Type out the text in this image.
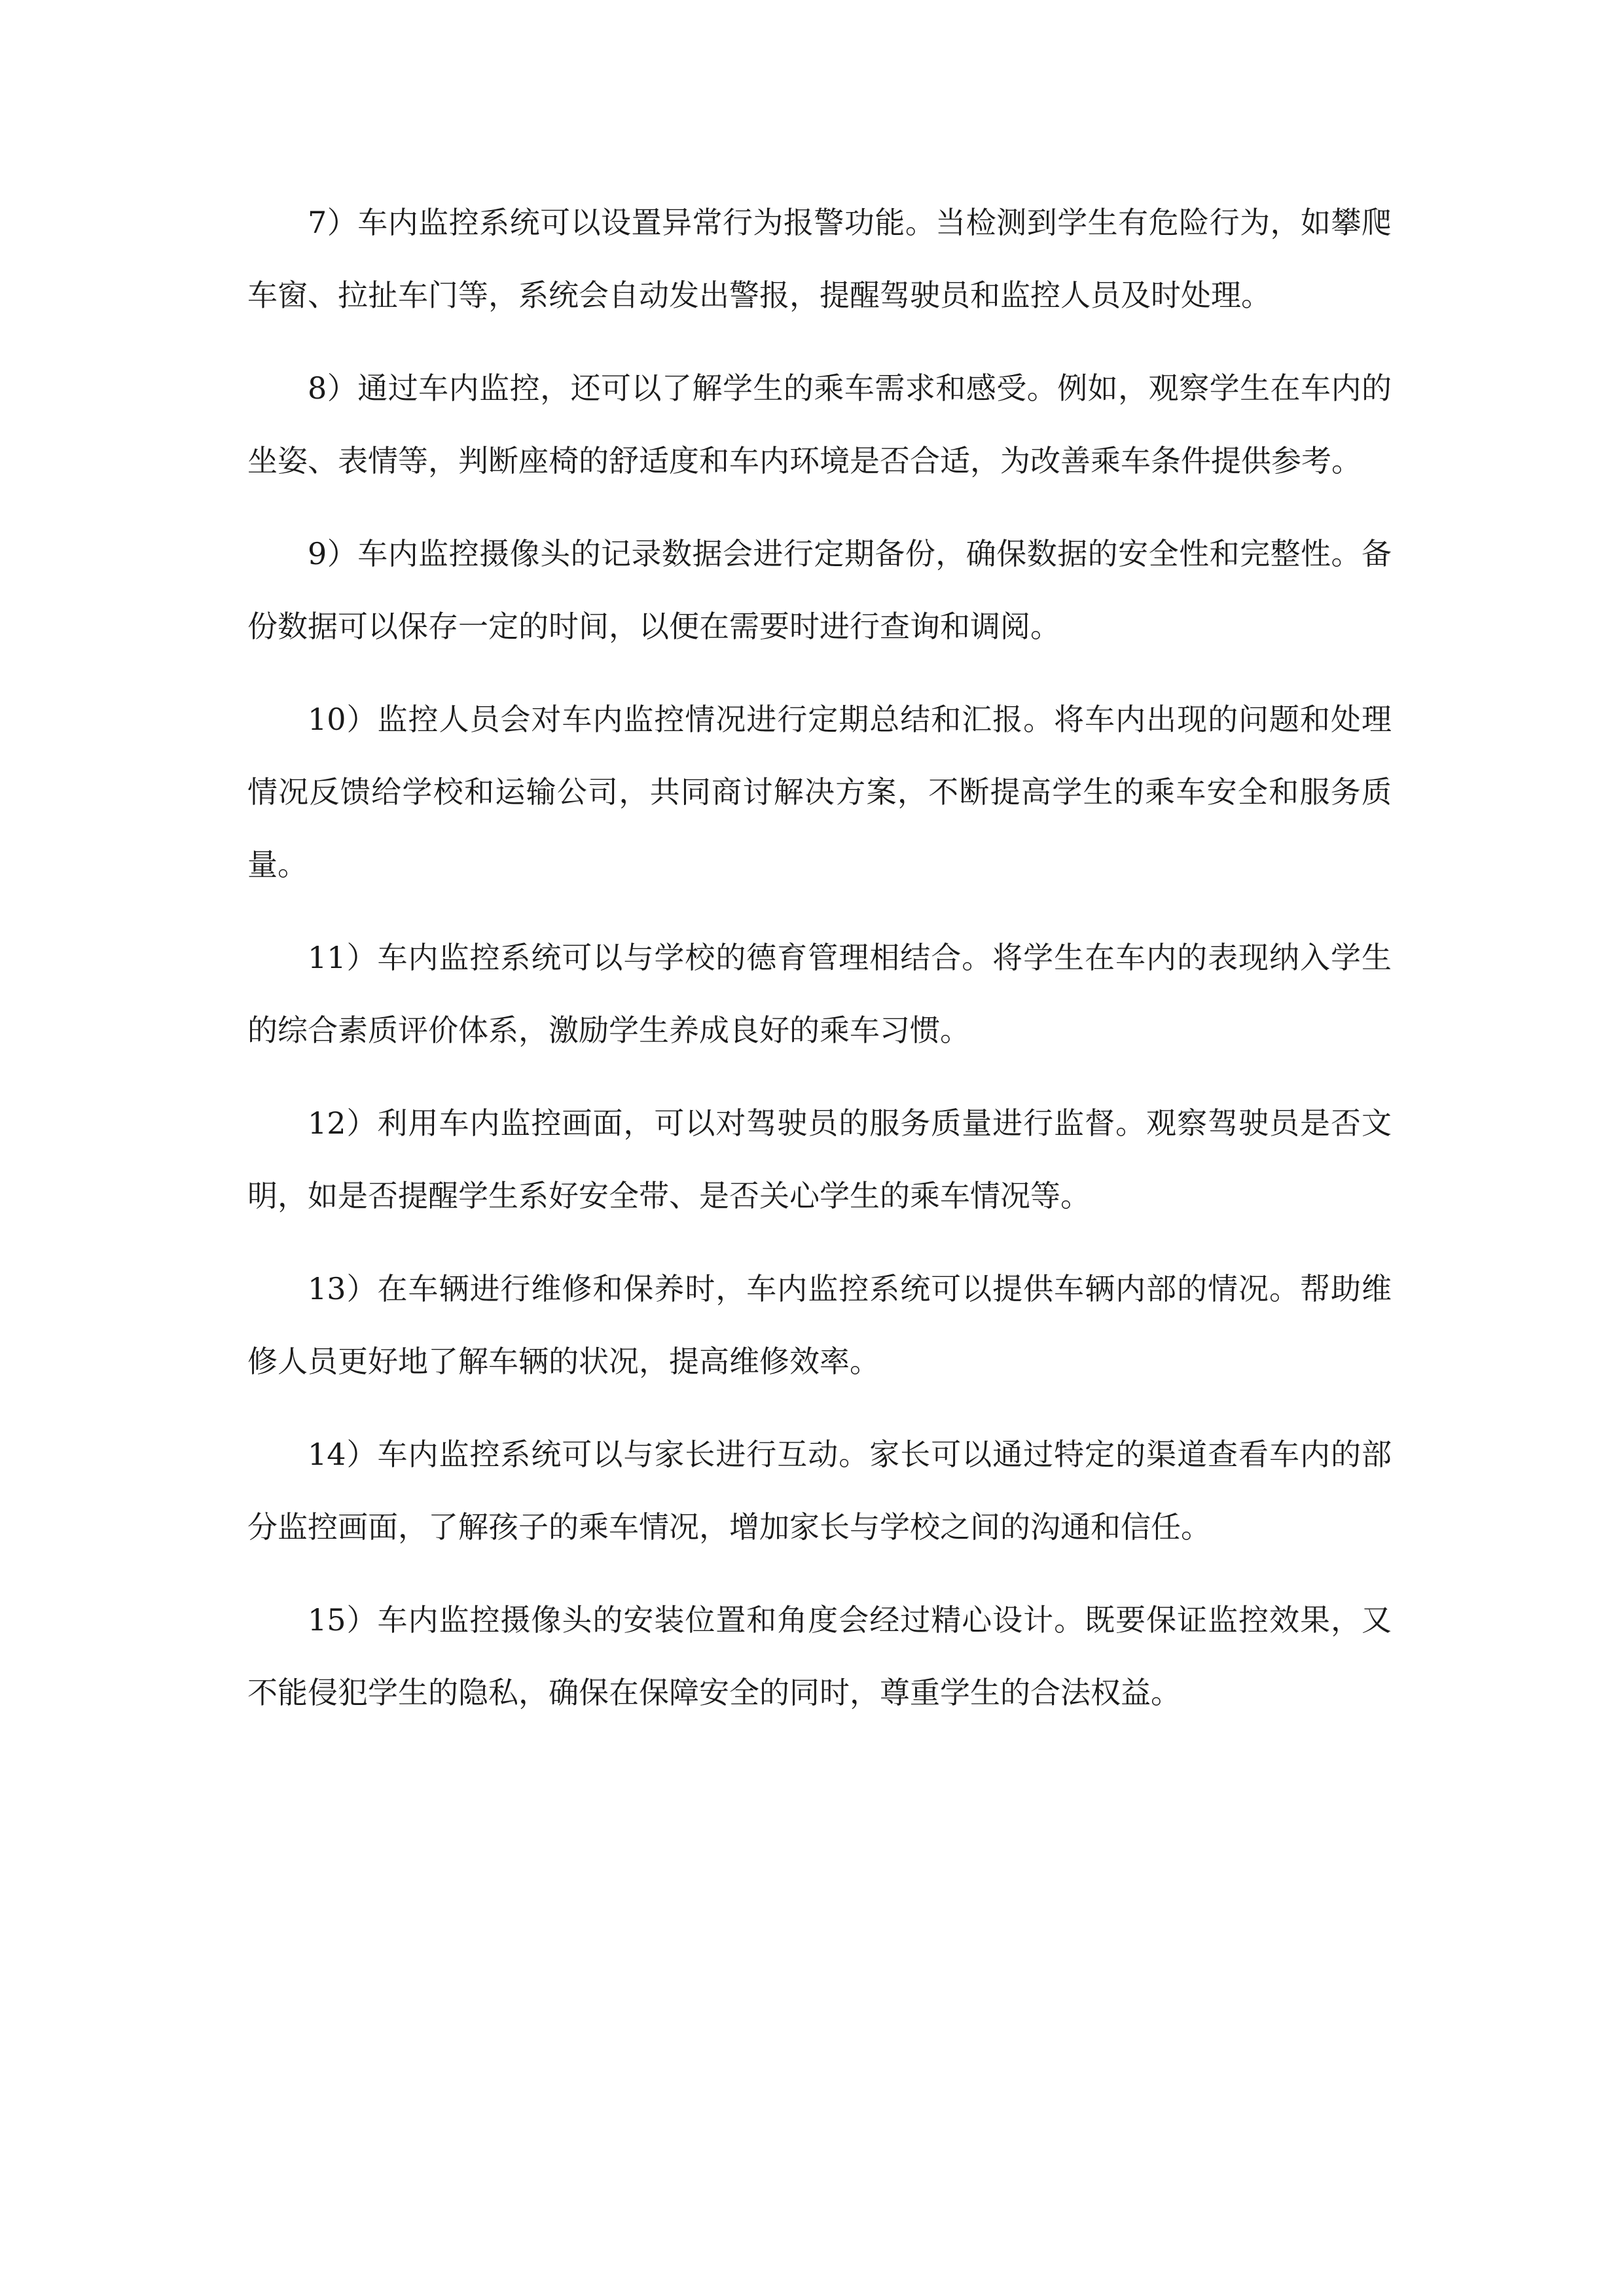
7）车内监控系统可以设置异常行为报警功能。当检测到学生有危险行为，如攀爬车窗、拉扯车门等，系统会自动发出警报，提醒驾驶员和监控人员及时处理。

8）通过车内监控，还可以了解学生的乘车需求和感受。例如，观察学生在车内的坐姿、表情等，判断座椅的舒适度和车内环境是否合适，为改善乘车条件提供参考。

9）车内监控摄像头的记录数据会进行定期备份，确保数据的安全性和完整性。备份数据可以保存一定的时间，以便在需要时进行查询和调阅。

10）监控人员会对车内监控情况进行定期总结和汇报。将车内出现的问题和处理情况反馈给学校和运输公司，共同商讨解决方案，不断提高学生的乘车安全和服务质量。

11）车内监控系统可以与学校的德育管理相结合。将学生在车内的表现纳入学生的综合素质评价体系，激励学生养成良好的乘车习惯。

12）利用车内监控画面，可以对驾驶员的服务质量进行监督。观察驾驶员是否文明，如是否提醒学生系好安全带、是否关心学生的乘车情况等。

13）在车辆进行维修和保养时，车内监控系统可以提供车辆内部的情况。帮助维修人员更好地了解车辆的状况，提高维修效率。

14）车内监控系统可以与家长进行互动。家长可以通过特定的渠道查看车内的部分监控画面，了解孩子的乘车情况，增加家长与学校之间的沟通和信任。

15）车内监控摄像头的安装位置和角度会经过精心设计。既要保证监控效果，又不能侵犯学生的隐私，确保在保障安全的同时，尊重学生的合法权益。
